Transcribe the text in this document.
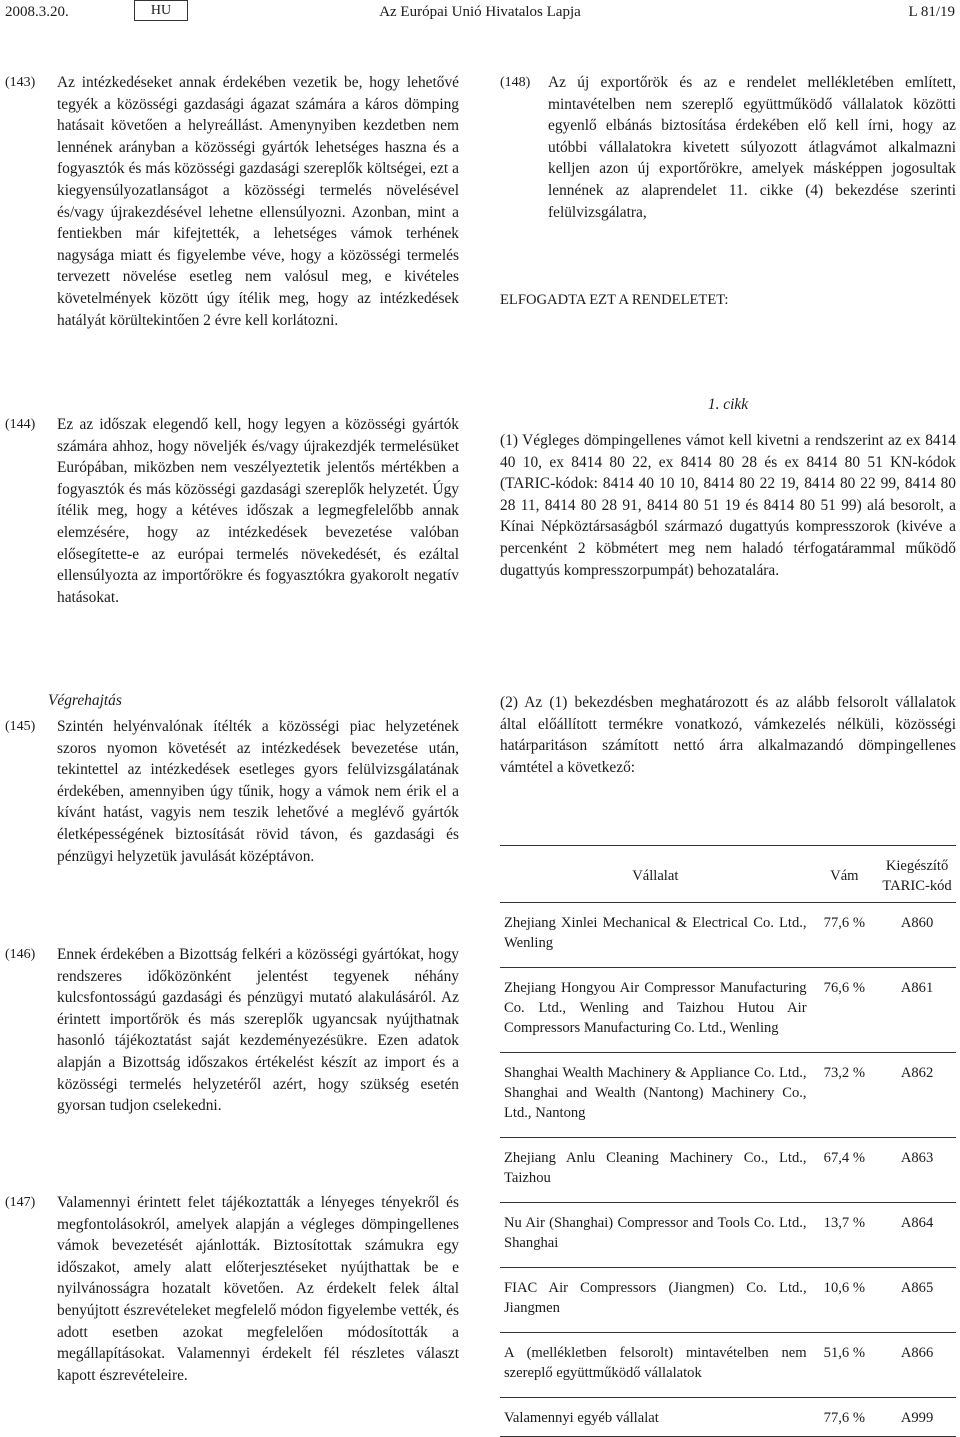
2008.3.20.	HU	Az Európai Unió Hivatalos Lapja	L 81/19
(143) Az intézkedéseket annak érdekében vezetik be, hogy lehetővé tegyék a közösségi gazdasági ágazat számára a káros dömping hatásait követően a helyreállást. Amenynyiben kezdetben nem lennének arányban a közösségi gyártók lehetséges haszna és a fogyasztók és más közösségi gazdasági szereplők költségei, ezt a kiegyensúlyozatlanságot a közösségi termelés növelésével és/vagy újrakezdésével lehetne ellensúlyozni. Azonban, mint a fentiekben már kifejtették, a lehetséges vámok terhének nagysága miatt és figyelembe véve, hogy a közösségi termelés tervezett növelése esetleg nem valósul meg, e kivételes követelmények között úgy ítélik meg, hogy az intézkedések hatályát körültekintően 2 évre kell korlátozni.

(144) Ez az időszak elegendő kell, hogy legyen a közösségi gyártók számára ahhoz, hogy növeljék és/vagy újrakezdjék termelésüket Európában, miközben nem veszélyeztetik jelentős mértékben a fogyasztók és más közösségi gazdasági szereplők helyzetét. Úgy ítélik meg, hogy a kétéves időszak a legmegfelelőbb annak elemzésére, hogy az intézkedések bevezetése valóban elősegítette-e az európai termelés növekedését, és ezáltal ellensúlyozta az importőrökre és fogyasztókra gyakorolt negatív hatásokat.

Végrehajtás
(145) Szintén helyénvalónak ítélték a közösségi piac helyzetének szoros nyomon követését az intézkedések bevezetése után, tekintettel az intézkedések esetleges gyors felülvizsgálatának érdekében, amennyiben úgy tűnik, hogy a vámok nem érik el a kívánt hatást, vagyis nem teszik lehetővé a meglévő gyártók életképességének biztosítását rövid távon, és gazdasági és pénzügyi helyzetük javulását középtávon.

(146) Ennek érdekében a Bizottság felkéri a közösségi gyártókat, hogy rendszeres időközönként jelentést tegyenek néhány kulcsfontosságú gazdasági és pénzügyi mutató alakulásáról. Az érintett importőrök és más szereplők ugyancsak nyújthatnak hasonló tájékoztatást saját kezdeményezésükre. Ezen adatok alapján a Bizottság időszakos értékelést készít az import és a közösségi termelés helyzetéről azért, hogy szükség esetén gyorsan tudjon cselekedni.

(147) Valamennyi érintett felet tájékoztatták a lényeges tényekről és megfontolásokról, amelyek alapján a végleges dömpingellenes vámok bevezetését ajánlották. Biztosítottak számukra egy időszakot, amely alatt előterjesztéseket nyújthattak be e nyilvánosságra hozatalt követően. Az érdekelt felek által benyújtott észrevételeket megfelelő módon figyelembe vették, és adott esetben azokat megfelelően módosították a megállapításokat. Valamennyi érdekelt fél részletes választ kapott észrevételeire.

(148) Az új exportőrök és az e rendelet mellékletében említett, mintavételben nem szereplő együttműködő vállalatok közötti egyenlő elbánás biztosítása érdekében elő kell írni, hogy az utóbbi vállalatokra kivetett súlyozott átlagvámot alkalmazni kelljen azon új exportőrökre, amelyek másképpen jogosultak lennének az alaprendelet 11. cikke (4) bekezdése szerinti felülvizsgálatra,

ELFOGADTA EZT A RENDELETET:
1. cikk

(1) Végleges dömpingellenes vámot kell kivetni a rendszerint az ex 8414 40 10, ex 8414 80 22, ex 8414 80 28 és ex 8414 80 51 KN-kódok (TARIC-kódok: 8414 40 10 10, 8414 80 22 19, 8414 80 22 99, 8414 80 28 11, 8414 80 28 91, 8414 80 51 19 és 8414 80 51 99) alá besorolt, a Kínai Népköztársaságból származó dugattyús kompresszorok (kivéve a percenként 2 köbmétert meg nem haladó térfogatárammal működő dugattyús kompresszorpumpát) behozatalára.

(2) Az (1) bekezdésben meghatározott és az alább felsorolt vállalatok által előállított termékre vonatkozó, vámkezelés nélküli, közösségi határparitáson számított nettó árra alkalmazandó dömpingellenes vámtétel a következő:

Vállalat	Vám	Kiegészítő TARIC-kód
Zhejiang Xinlei Mechanical & Electrical Co. Ltd., Wenling	77,6 %	A860
Zhejiang Hongyou Air Compressor Manufacturing Co. Ltd., Wenling and Taizhou Hutou Air Compressors Manufacturing Co. Ltd., Wenling	76,6 %	A861
Shanghai Wealth Machinery & Appliance Co. Ltd., Shanghai and Wealth (Nantong) Machinery Co., Ltd., Nantong	73,2 %	A862
Zhejiang Anlu Cleaning Machinery Co., Ltd., Taizhou	67,4 %	A863
Nu Air (Shanghai) Compressor and Tools Co. Ltd., Shanghai	13,7 %	A864
FIAC Air Compressors (Jiangmen) Co. Ltd., Jiangmen	10,6 %	A865
A (mellékletben felsorolt) mintavételben nem szereplő együttműködő vállalatok	51,6 %	A866
Valamennyi egyéb vállalat	77,6 %	A999
